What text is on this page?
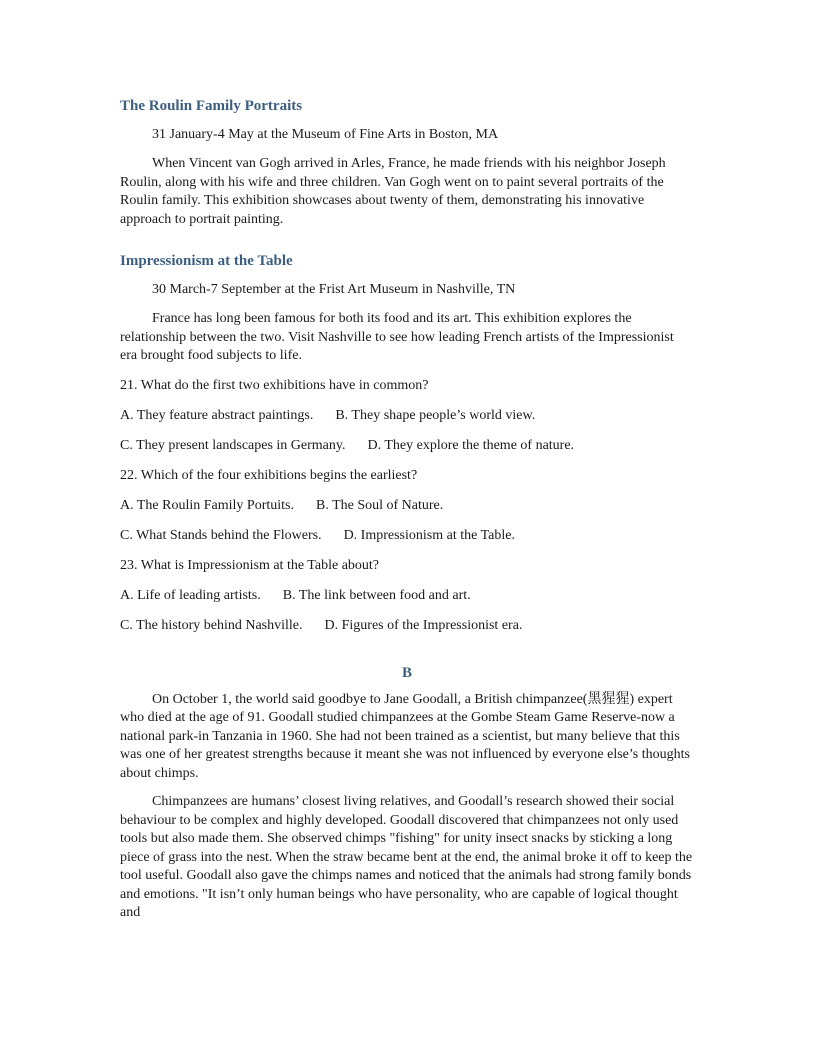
The Roulin Family Portraits
31 January-4 May at the Museum of Fine Arts in Boston, MA

When Vincent van Gogh arrived in Arles, France, he made friends with his neighbor Joseph Roulin, along with his wife and three children. Van Gogh went on to paint several portraits of the Roulin family. This exhibition showcases about twenty of them, demonstrating his innovative approach to portrait painting.

Impressionism at the Table
30 March-7 September at the Frist Art Museum in Nashville, TN

France has long been famous for both its food and its art. This exhibition explores the relationship between the two. Visit Nashville to see how leading French artists of the Impressionist era brought food subjects to life.

21. What do the first two exhibitions have in common?
A. They feature abstract paintings. B. They shape people’s world view.
C. They present landscapes in Germany. D. They explore the theme of nature.
22. Which of the four exhibitions begins the earliest?
A. The Roulin Family Portuits. B. The Soul of Nature.
C. What Stands behind the Flowers. D. Impressionism at the Table.
23. What is Impressionism at the Table about?
A. Life of leading artists. B. The link between food and art.
C. The history behind Nashville. D. Figures of the Impressionist era.
B

On October 1, the world said goodbye to Jane Goodall, a British chimpanzee(黑猩猩) expert who died at the age of 91. Goodall studied chimpanzees at the Gombe Steam Game Reserve-now a national park-in Tanzania in 1960. She had not been trained as a scientist, but many believe that this was one of her greatest strengths because it meant she was not influenced by everyone else’s thoughts about chimps.

Chimpanzees are humans’ closest living relatives, and Goodall’s research showed their social behaviour to be complex and highly developed. Goodall discovered that chimpanzees not only used tools but also made them. She observed chimps "fishing" for unity insect snacks by sticking a long piece of grass into the nest. When the straw became bent at the end, the animal broke it off to keep the tool useful. Goodall also gave the chimps names and noticed that the animals had strong family bonds and emotions. "It isn’t only human beings who have personality, who are capable of logical thought and
